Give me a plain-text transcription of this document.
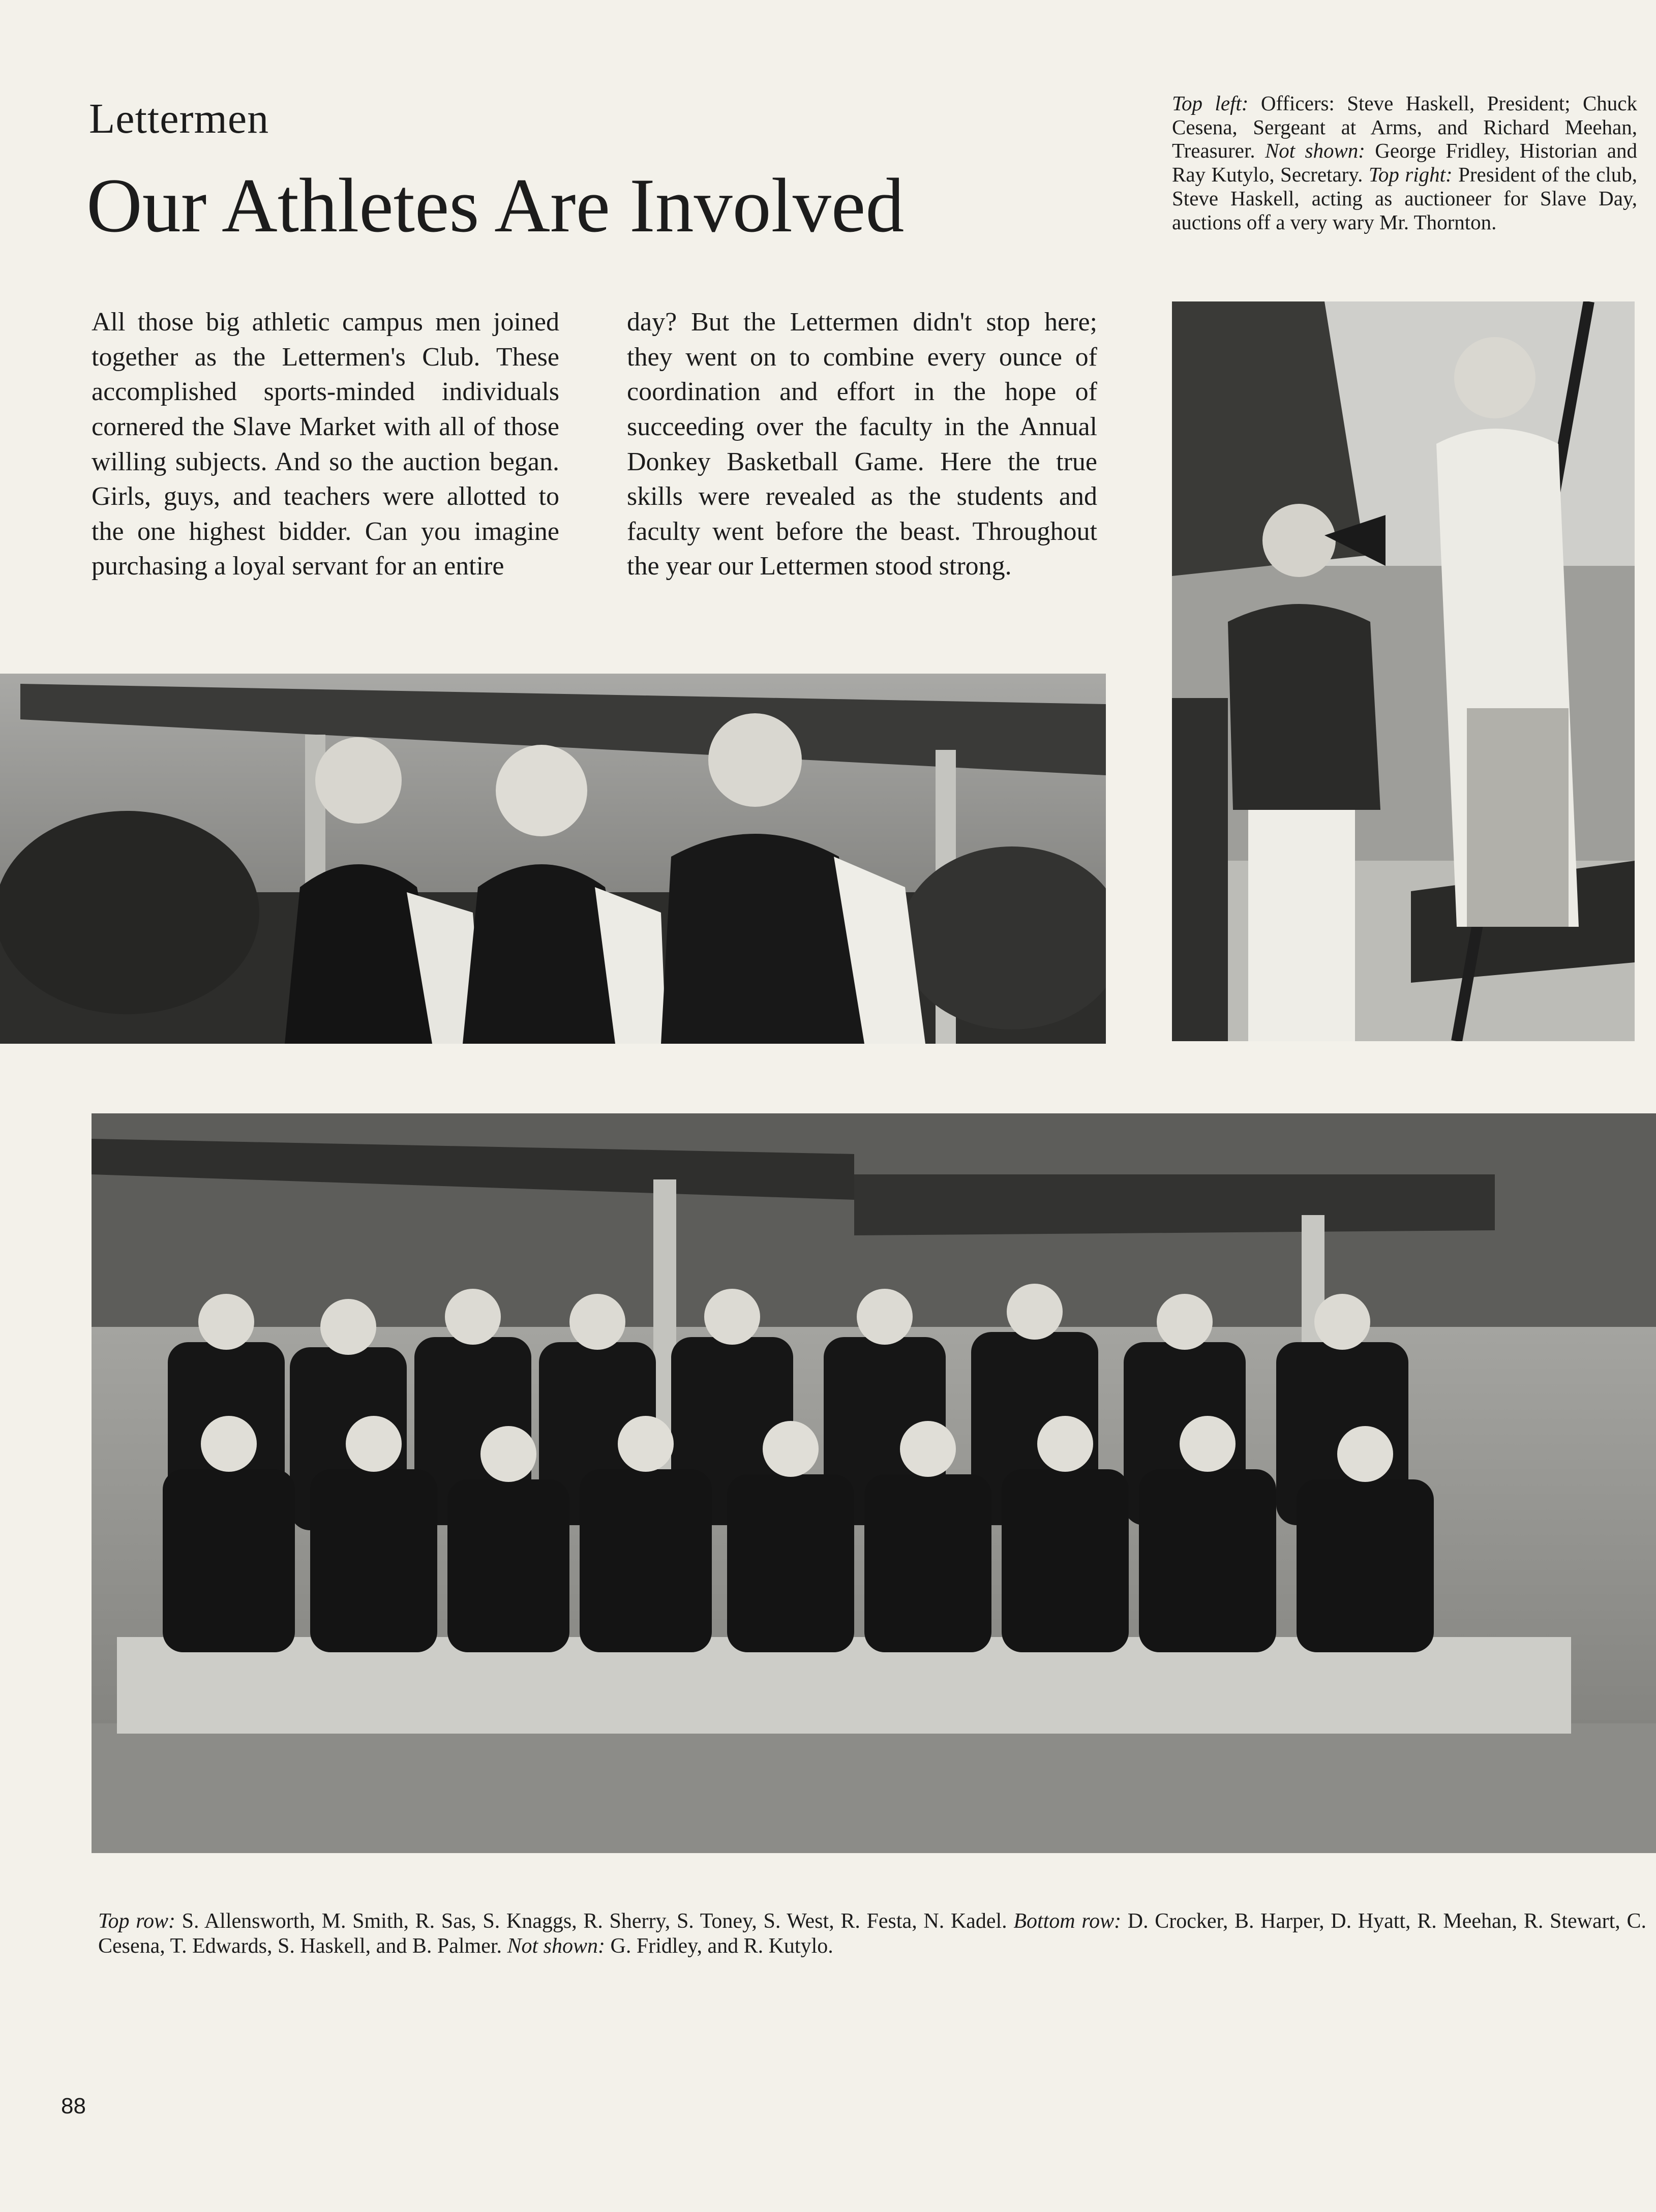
Lettermen
Our Athletes Are Involved
Top left: Officers: Steve Haskell, President; Chuck Cesena, Sergeant at Arms, and Richard Meehan, Treasurer. Not shown: George Fridley, Historian and Ray Kutylo, Secretary. Top right: President of the club, Steve Haskell, acting as auctioneer for Slave Day, auctions off a very wary Mr. Thornton.
All those big athletic campus men joined together as the Lettermen's Club. These accomplished sports-minded individuals cornered the Slave Market with all of those willing subjects. And so the auction began. Girls, guys, and teachers were allotted to the one highest bidder. Can you imagine purchasing a loyal servant for an entire
day? But the Lettermen didn't stop here; they went on to combine every ounce of coordination and effort in the hope of succeeding over the faculty in the Annual Donkey Basketball Game. Here the true skills were revealed as the students and faculty went before the beast. Throughout the year our Lettermen stood strong.
Top row: S. Allensworth, M. Smith, R. Sas, S. Knaggs, R. Sherry, S. Toney, S. West, R. Festa, N. Kadel. Bottom row: D. Crocker, B. Harper, D. Hyatt, R. Meehan, R. Stewart, C. Cesena, T. Edwards, S. Haskell, and B. Palmer. Not shown: G. Fridley, and R. Kutylo.
88
